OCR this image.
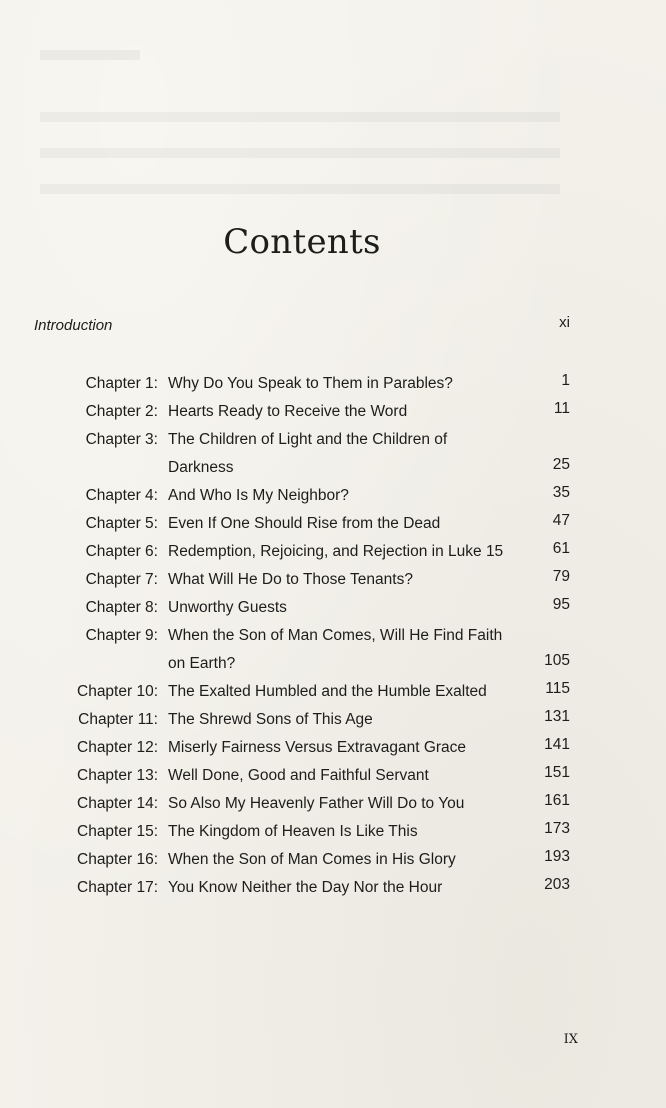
Contents
Introduction	xi
Chapter 1: Why Do You Speak to Them in Parables?	1
Chapter 2: Hearts Ready to Receive the Word	11
Chapter 3: The Children of Light and the Children of Darkness	25
Chapter 4: And Who Is My Neighbor?	35
Chapter 5: Even If One Should Rise from the Dead	47
Chapter 6: Redemption, Rejoicing, and Rejection in Luke 15	61
Chapter 7: What Will He Do to Those Tenants?	79
Chapter 8: Unworthy Guests	95
Chapter 9: When the Son of Man Comes, Will He Find Faith on Earth?	105
Chapter 10: The Exalted Humbled and the Humble Exalted	115
Chapter 11: The Shrewd Sons of This Age	131
Chapter 12: Miserly Fairness Versus Extravagant Grace	141
Chapter 13: Well Done, Good and Faithful Servant	151
Chapter 14: So Also My Heavenly Father Will Do to You	161
Chapter 15: The Kingdom of Heaven Is Like This	173
Chapter 16: When the Son of Man Comes in His Glory	193
Chapter 17: You Know Neither the Day Nor the Hour	203
IX
